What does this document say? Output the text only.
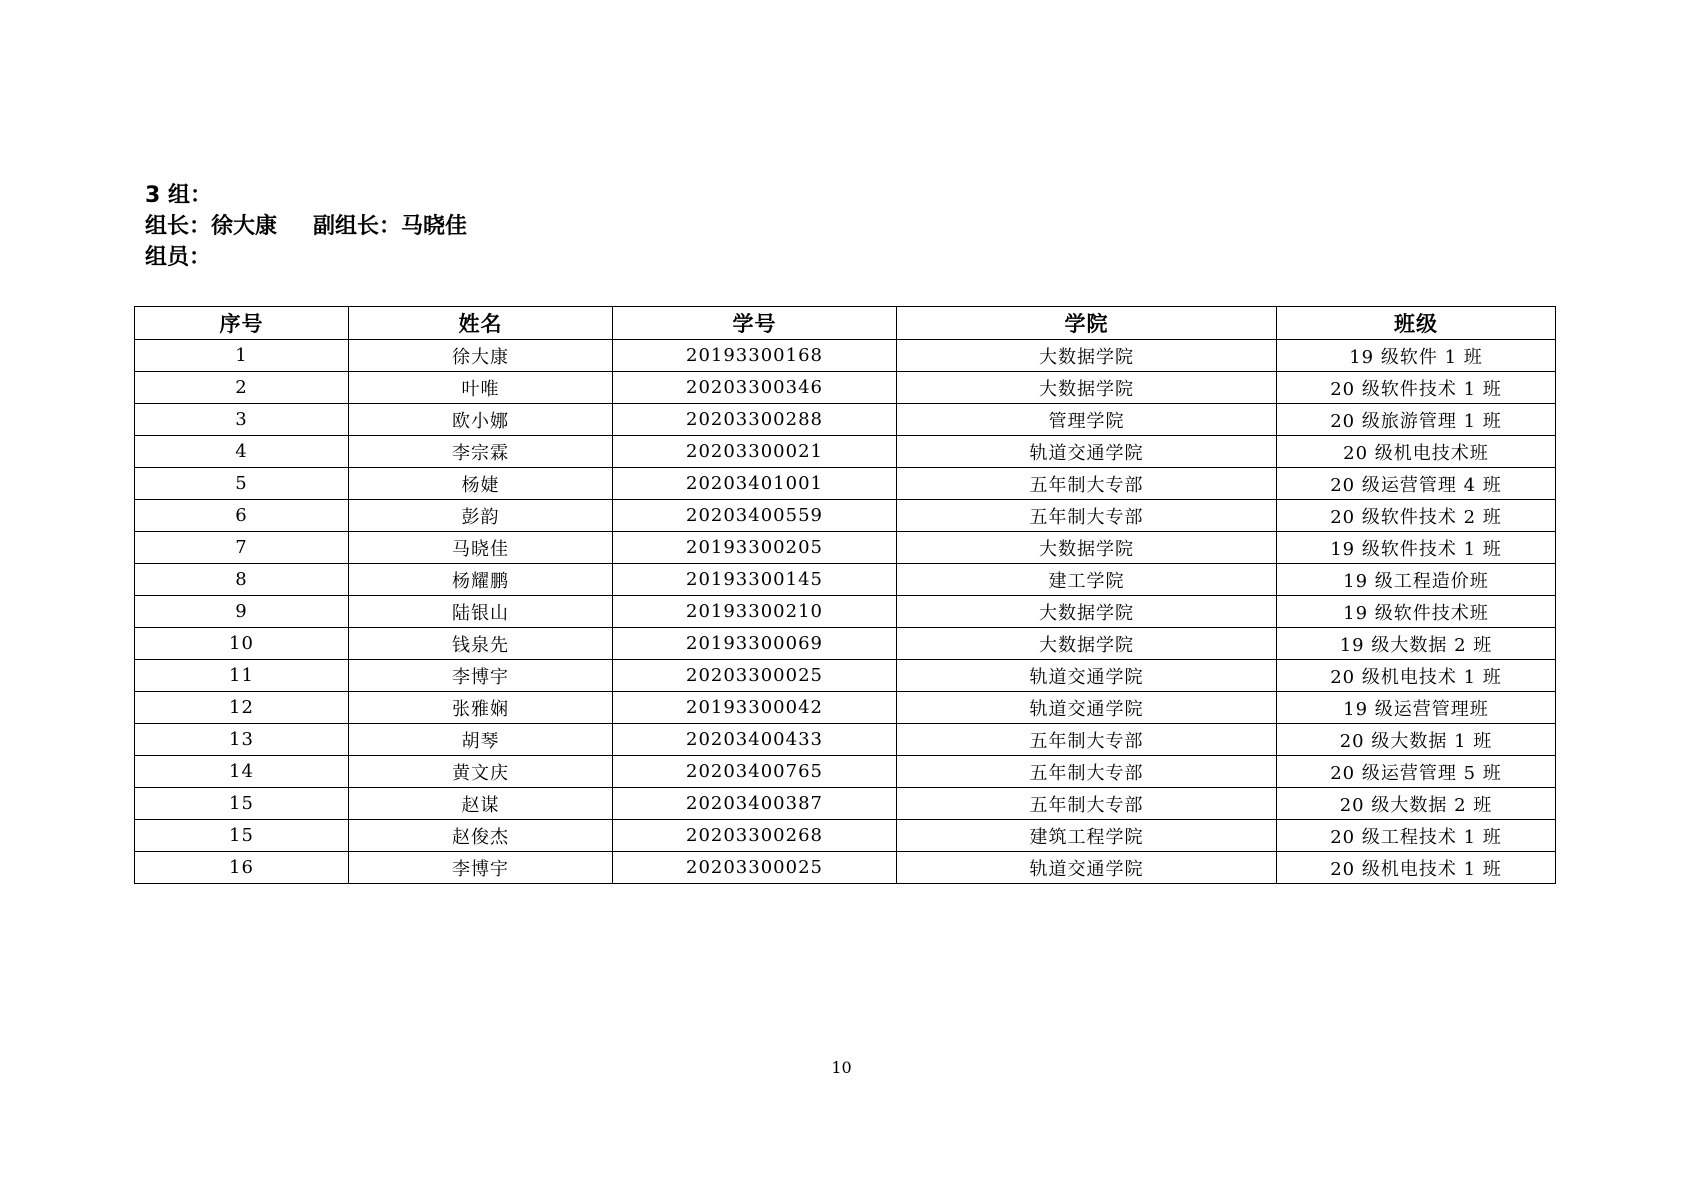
3 组：
组长：徐大康 副组长：马晓佳
组员：
序号	姓名	学号	学院	班级
1	徐大康	20193300168	大数据学院	19 级软件 1 班
2	叶唯	20203300346	大数据学院	20 级软件技术 1 班
3	欧小娜	20203300288	管理学院	20 级旅游管理 1 班
4	李宗霖	20203300021	轨道交通学院	20 级机电技术班
5	杨婕	20203401001	五年制大专部	20 级运营管理 4 班
6	彭韵	20203400559	五年制大专部	20 级软件技术 2 班
7	马晓佳	20193300205	大数据学院	19 级软件技术 1 班
8	杨耀鹏	20193300145	建工学院	19 级工程造价班
9	陆银山	20193300210	大数据学院	19 级软件技术班
10	钱泉先	20193300069	大数据学院	19 级大数据 2 班
11	李博宇	20203300025	轨道交通学院	20 级机电技术 1 班
12	张雅娴	20193300042	轨道交通学院	19 级运营管理班
13	胡琴	20203400433	五年制大专部	20 级大数据 1 班
14	黄文庆	20203400765	五年制大专部	20 级运营管理 5 班
15	赵谋	20203400387	五年制大专部	20 级大数据 2 班
15	赵俊杰	20203300268	建筑工程学院	20 级工程技术 1 班
16	李博宇	20203300025	轨道交通学院	20 级机电技术 1 班
10
